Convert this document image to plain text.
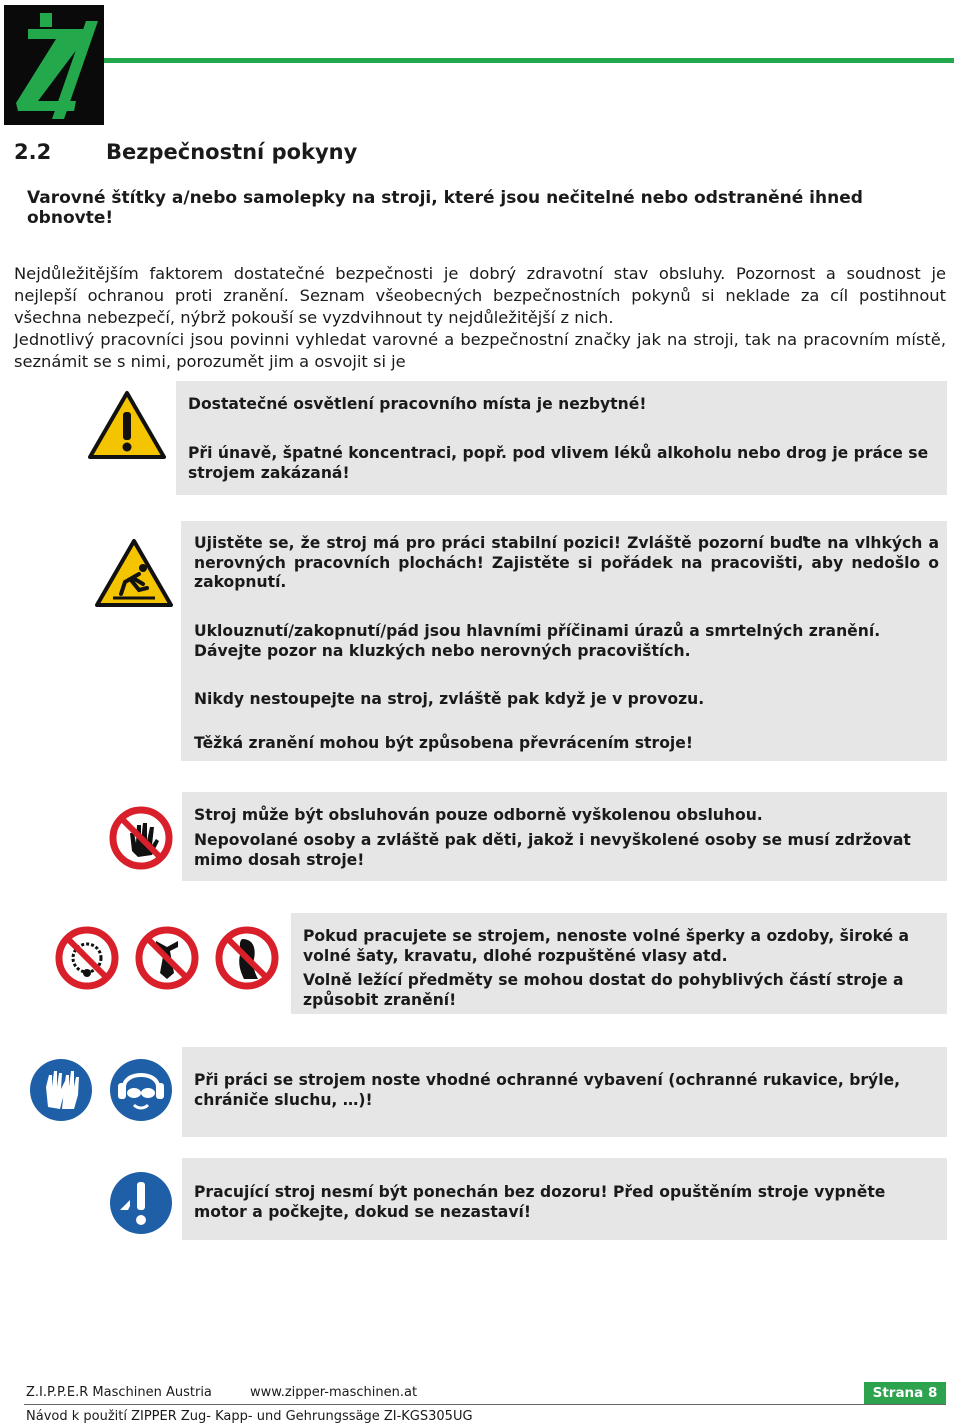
2.2	Bezpečnostní pokyny
Varovné štítky a/nebo samolepky na stroji, které jsou nečitelné nebo odstraněné ihned obnovte!

Nejdůležitějším faktorem dostatečné bezpečnosti je dobrý zdravotní stav obsluhy. Pozornost a soudnost je nejlepší ochranou proti zranění. Seznam všeobecných bezpečnostních pokynů si neklade za cíl postihnout všechna nebezpečí, nýbrž pokouší se vyzdvihnout ty nejdůležitější z nich.

Jednotlivý pracovníci jsou povinni vyhledat varovné a bezpečnostní značky jak na stroji, tak na pracovním místě, seznámit se s nimi, porozumět jim a osvojit si je

Dostatečné osvětlení pracovního místa je nezbytné!

Při únavě, špatné koncentraci, popř. pod vlivem léků alkoholu nebo drog je práce se strojem zakázaná!

Ujistěte se, že stroj má pro práci stabilní pozici! Zvláště pozorní buďte na vlhkých a nerovných pracovních plochách! Zajistěte si pořádek na pracovišti, aby nedošlo o zakopnutí.

Uklouznutí/zakopnutí/pád jsou hlavními příčinami úrazů a smrtelných zranění. Dávejte pozor na kluzkých nebo nerovných pracovištích.

Nikdy nestoupejte na stroj, zvláště pak když je v provozu.

Těžká zranění mohou být způsobena převrácením stroje!

Stroj může být obsluhován pouze odborně vyškolenou obsluhou.

Nepovolané osoby a zvláště pak děti, jakož i nevyškolené osoby se musí zdržovat mimo dosah stroje!

Pokud pracujete se strojem, nenoste volné šperky a ozdoby, široké a volné šaty, kravatu, dlohé rozpuštěné vlasy atd.

Volně ležící předměty se mohou dostat do pohyblivých částí stroje a způsobit zranění!

Při práci se strojem noste vhodné ochranné vybavení (ochranné rukavice, brýle, chrániče sluchu, …)!

Pracující stroj nesmí být ponechán bez dozoru! Před opuštěním stroje vypněte motor a počkejte, dokud se nezastaví!

Z.I.P.P.E.R Maschinen Austria	www.zipper-maschinen.at	Strana 8
Návod k použití ZIPPER Zug- Kapp- und Gehrungssäge ZI-KGS305UG
